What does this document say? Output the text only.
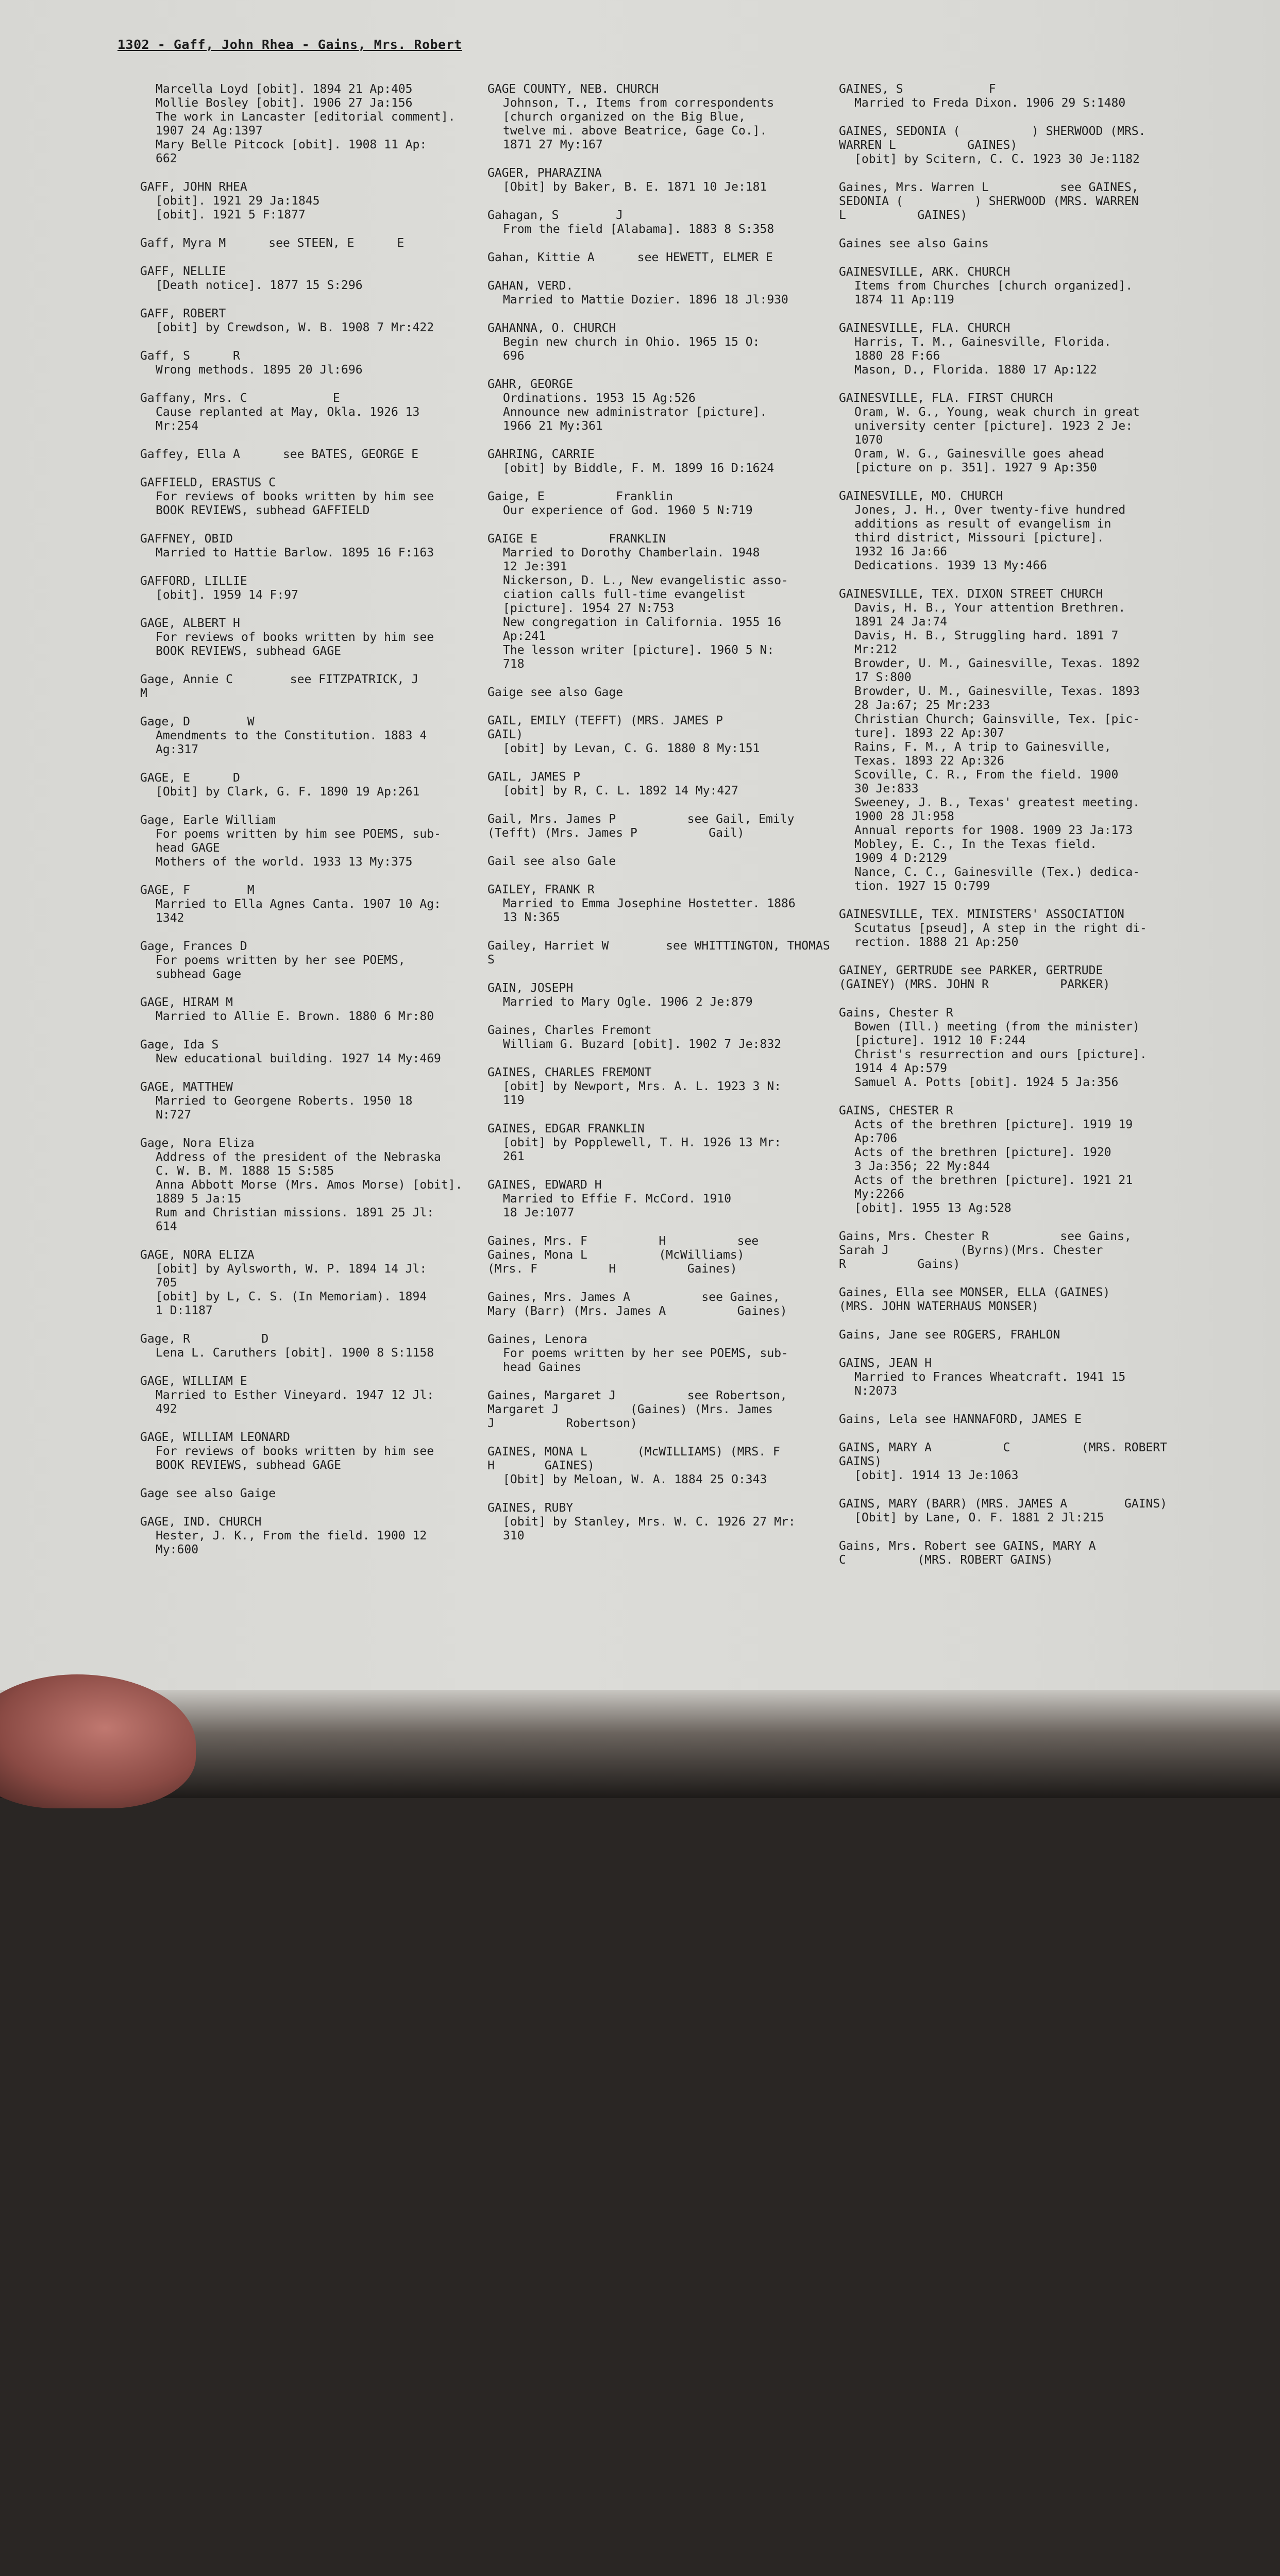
1302 - Gaff, John Rhea - Gains, Mrs. Robert
Marcella Loyd [obit]. 1894 21 Ap:405
Mollie Bosley [obit]. 1906 27 Ja:156
The work in Lancaster [editorial comment].
1907 24 Ag:1397
Mary Belle Pitcock [obit]. 1908 11 Ap:
662
GAFF, JOHN RHEA
[obit]. 1921 29 Ja:1845
[obit]. 1921 5 F:1877
Gaff, Myra M      see STEEN, E      E
GAFF, NELLIE
[Death notice]. 1877 15 S:296
GAFF, ROBERT
[obit] by Crewdson, W. B. 1908 7 Mr:422
Gaff, S      R
Wrong methods. 1895 20 Jl:696
Gaffany, Mrs. C            E
Cause replanted at May, Okla. 1926 13
Mr:254
Gaffey, Ella A      see BATES, GEORGE E
GAFFIELD, ERASTUS C
For reviews of books written by him see
BOOK REVIEWS, subhead GAFFIELD
GAFFNEY, OBID
Married to Hattie Barlow. 1895 16 F:163
GAFFORD, LILLIE
[obit]. 1959 14 F:97
GAGE, ALBERT H
For reviews of books written by him see
BOOK REVIEWS, subhead GAGE
Gage, Annie C        see FITZPATRICK, J
M
Gage, D        W
Amendments to the Constitution. 1883 4
Ag:317
GAGE, E      D
[Obit] by Clark, G. F. 1890 19 Ap:261
Gage, Earle William
For poems written by him see POEMS, sub-
head GAGE
Mothers of the world. 1933 13 My:375
GAGE, F        M
Married to Ella Agnes Canta. 1907 10 Ag:
1342
Gage, Frances D
For poems written by her see POEMS,
subhead Gage
GAGE, HIRAM M
Married to Allie E. Brown. 1880 6 Mr:80
Gage, Ida S
New educational building. 1927 14 My:469
GAGE, MATTHEW
Married to Georgene Roberts. 1950 18
N:727
Gage, Nora Eliza
Address of the president of the Nebraska
C. W. B. M. 1888 15 S:585
Anna Abbott Morse (Mrs. Amos Morse) [obit].
1889 5 Ja:15
Rum and Christian missions. 1891 25 Jl:
614
GAGE, NORA ELIZA
[obit] by Aylsworth, W. P. 1894 14 Jl:
705
[obit] by L, C. S. (In Memoriam). 1894
1 D:1187
Gage, R          D
Lena L. Caruthers [obit]. 1900 8 S:1158
GAGE, WILLIAM E
Married to Esther Vineyard. 1947 12 Jl:
492
GAGE, WILLIAM LEONARD
For reviews of books written by him see
BOOK REVIEWS, subhead GAGE
Gage see also Gaige
GAGE, IND. CHURCH
Hester, J. K., From the field. 1900 12
My:600
GAGE COUNTY, NEB. CHURCH
Johnson, T., Items from correspondents
[church organized on the Big Blue,
twelve mi. above Beatrice, Gage Co.].
1871 27 My:167
GAGER, PHARAZINA
[Obit] by Baker, B. E. 1871 10 Je:181
Gahagan, S        J
From the field [Alabama]. 1883 8 S:358
Gahan, Kittie A      see HEWETT, ELMER E
GAHAN, VERD.
Married to Mattie Dozier. 1896 18 Jl:930
GAHANNA, O. CHURCH
Begin new church in Ohio. 1965 15 O:
696
GAHR, GEORGE
Ordinations. 1953 15 Ag:526
Announce new administrator [picture].
1966 21 My:361
GAHRING, CARRIE
[obit] by Biddle, F. M. 1899 16 D:1624
Gaige, E          Franklin
Our experience of God. 1960 5 N:719
GAIGE E          FRANKLIN
Married to Dorothy Chamberlain. 1948
12 Je:391
Nickerson, D. L., New evangelistic asso-
ciation calls full-time evangelist
[picture]. 1954 27 N:753
New congregation in California. 1955 16
Ap:241
The lesson writer [picture]. 1960 5 N:
718
Gaige see also Gage
GAIL, EMILY (TEFFT) (MRS. JAMES P
GAIL)
[obit] by Levan, C. G. 1880 8 My:151
GAIL, JAMES P
[obit] by R, C. L. 1892 14 My:427
Gail, Mrs. James P          see Gail, Emily
(Tefft) (Mrs. James P          Gail)
Gail see also Gale
GAILEY, FRANK R
Married to Emma Josephine Hostetter. 1886
13 N:365
Gailey, Harriet W        see WHITTINGTON, THOMAS
S
GAIN, JOSEPH
Married to Mary Ogle. 1906 2 Je:879
Gaines, Charles Fremont
William G. Buzard [obit]. 1902 7 Je:832
GAINES, CHARLES FREMONT
[obit] by Newport, Mrs. A. L. 1923 3 N:
119
GAINES, EDGAR FRANKLIN
[obit] by Popplewell, T. H. 1926 13 Mr:
261
GAINES, EDWARD H
Married to Effie F. McCord. 1910
18 Je:1077
Gaines, Mrs. F          H          see
Gaines, Mona L          (McWilliams)
(Mrs. F          H          Gaines)
Gaines, Mrs. James A          see Gaines,
Mary (Barr) (Mrs. James A          Gaines)
Gaines, Lenora
For poems written by her see POEMS, sub-
head Gaines
Gaines, Margaret J          see Robertson,
Margaret J          (Gaines) (Mrs. James
J          Robertson)
GAINES, MONA L       (McWILLIAMS) (MRS. F
H       GAINES)
[Obit] by Meloan, W. A. 1884 25 O:343
GAINES, RUBY
[obit] by Stanley, Mrs. W. C. 1926 27 Mr:
310
GAINES, S            F
Married to Freda Dixon. 1906 29 S:1480
GAINES, SEDONIA (          ) SHERWOOD (MRS.
WARREN L          GAINES)
[obit] by Scitern, C. C. 1923 30 Je:1182
Gaines, Mrs. Warren L          see GAINES,
SEDONIA (          ) SHERWOOD (MRS. WARREN
L          GAINES)
Gaines see also Gains
GAINESVILLE, ARK. CHURCH
Items from Churches [church organized].
1874 11 Ap:119
GAINESVILLE, FLA. CHURCH
Harris, T. M., Gainesville, Florida.
1880 28 F:66
Mason, D., Florida. 1880 17 Ap:122
GAINESVILLE, FLA. FIRST CHURCH
Oram, W. G., Young, weak church in great
university center [picture]. 1923 2 Je:
1070
Oram, W. G., Gainesville goes ahead
[picture on p. 351]. 1927 9 Ap:350
GAINESVILLE, MO. CHURCH
Jones, J. H., Over twenty-five hundred
additions as result of evangelism in
third district, Missouri [picture].
1932 16 Ja:66
Dedications. 1939 13 My:466
GAINESVILLE, TEX. DIXON STREET CHURCH
Davis, H. B., Your attention Brethren.
1891 24 Ja:74
Davis, H. B., Struggling hard. 1891 7
Mr:212
Browder, U. M., Gainesville, Texas. 1892
17 S:800
Browder, U. M., Gainesville, Texas. 1893
28 Ja:67; 25 Mr:233
Christian Church; Gainsville, Tex. [pic-
ture]. 1893 22 Ap:307
Rains, F. M., A trip to Gainesville,
Texas. 1893 22 Ap:326
Scoville, C. R., From the field. 1900
30 Je:833
Sweeney, J. B., Texas' greatest meeting.
1900 28 Jl:958
Annual reports for 1908. 1909 23 Ja:173
Mobley, E. C., In the Texas field.
1909 4 D:2129
Nance, C. C., Gainesville (Tex.) dedica-
tion. 1927 15 O:799
GAINESVILLE, TEX. MINISTERS' ASSOCIATION
Scutatus [pseud], A step in the right di-
rection. 1888 21 Ap:250
GAINEY, GERTRUDE see PARKER, GERTRUDE
(GAINEY) (MRS. JOHN R          PARKER)
Gains, Chester R
Bowen (Ill.) meeting (from the minister)
[picture]. 1912 10 F:244
Christ's resurrection and ours [picture].
1914 4 Ap:579
Samuel A. Potts [obit]. 1924 5 Ja:356
GAINS, CHESTER R
Acts of the brethren [picture]. 1919 19
Ap:706
Acts of the brethren [picture]. 1920
3 Ja:356; 22 My:844
Acts of the brethren [picture]. 1921 21
My:2266
[obit]. 1955 13 Ag:528
Gains, Mrs. Chester R          see Gains,
Sarah J          (Byrns)(Mrs. Chester
R          Gains)
Gaines, Ella see MONSER, ELLA (GAINES)
(MRS. JOHN WATERHAUS MONSER)
Gains, Jane see ROGERS, FRAHLON
GAINS, JEAN H
Married to Frances Wheatcraft. 1941 15
N:2073
Gains, Lela see HANNAFORD, JAMES E
GAINS, MARY A          C          (MRS. ROBERT
GAINS)
[obit]. 1914 13 Je:1063
GAINS, MARY (BARR) (MRS. JAMES A        GAINS)
[Obit] by Lane, O. F. 1881 2 Jl:215
Gains, Mrs. Robert see GAINS, MARY A
C          (MRS. ROBERT GAINS)
